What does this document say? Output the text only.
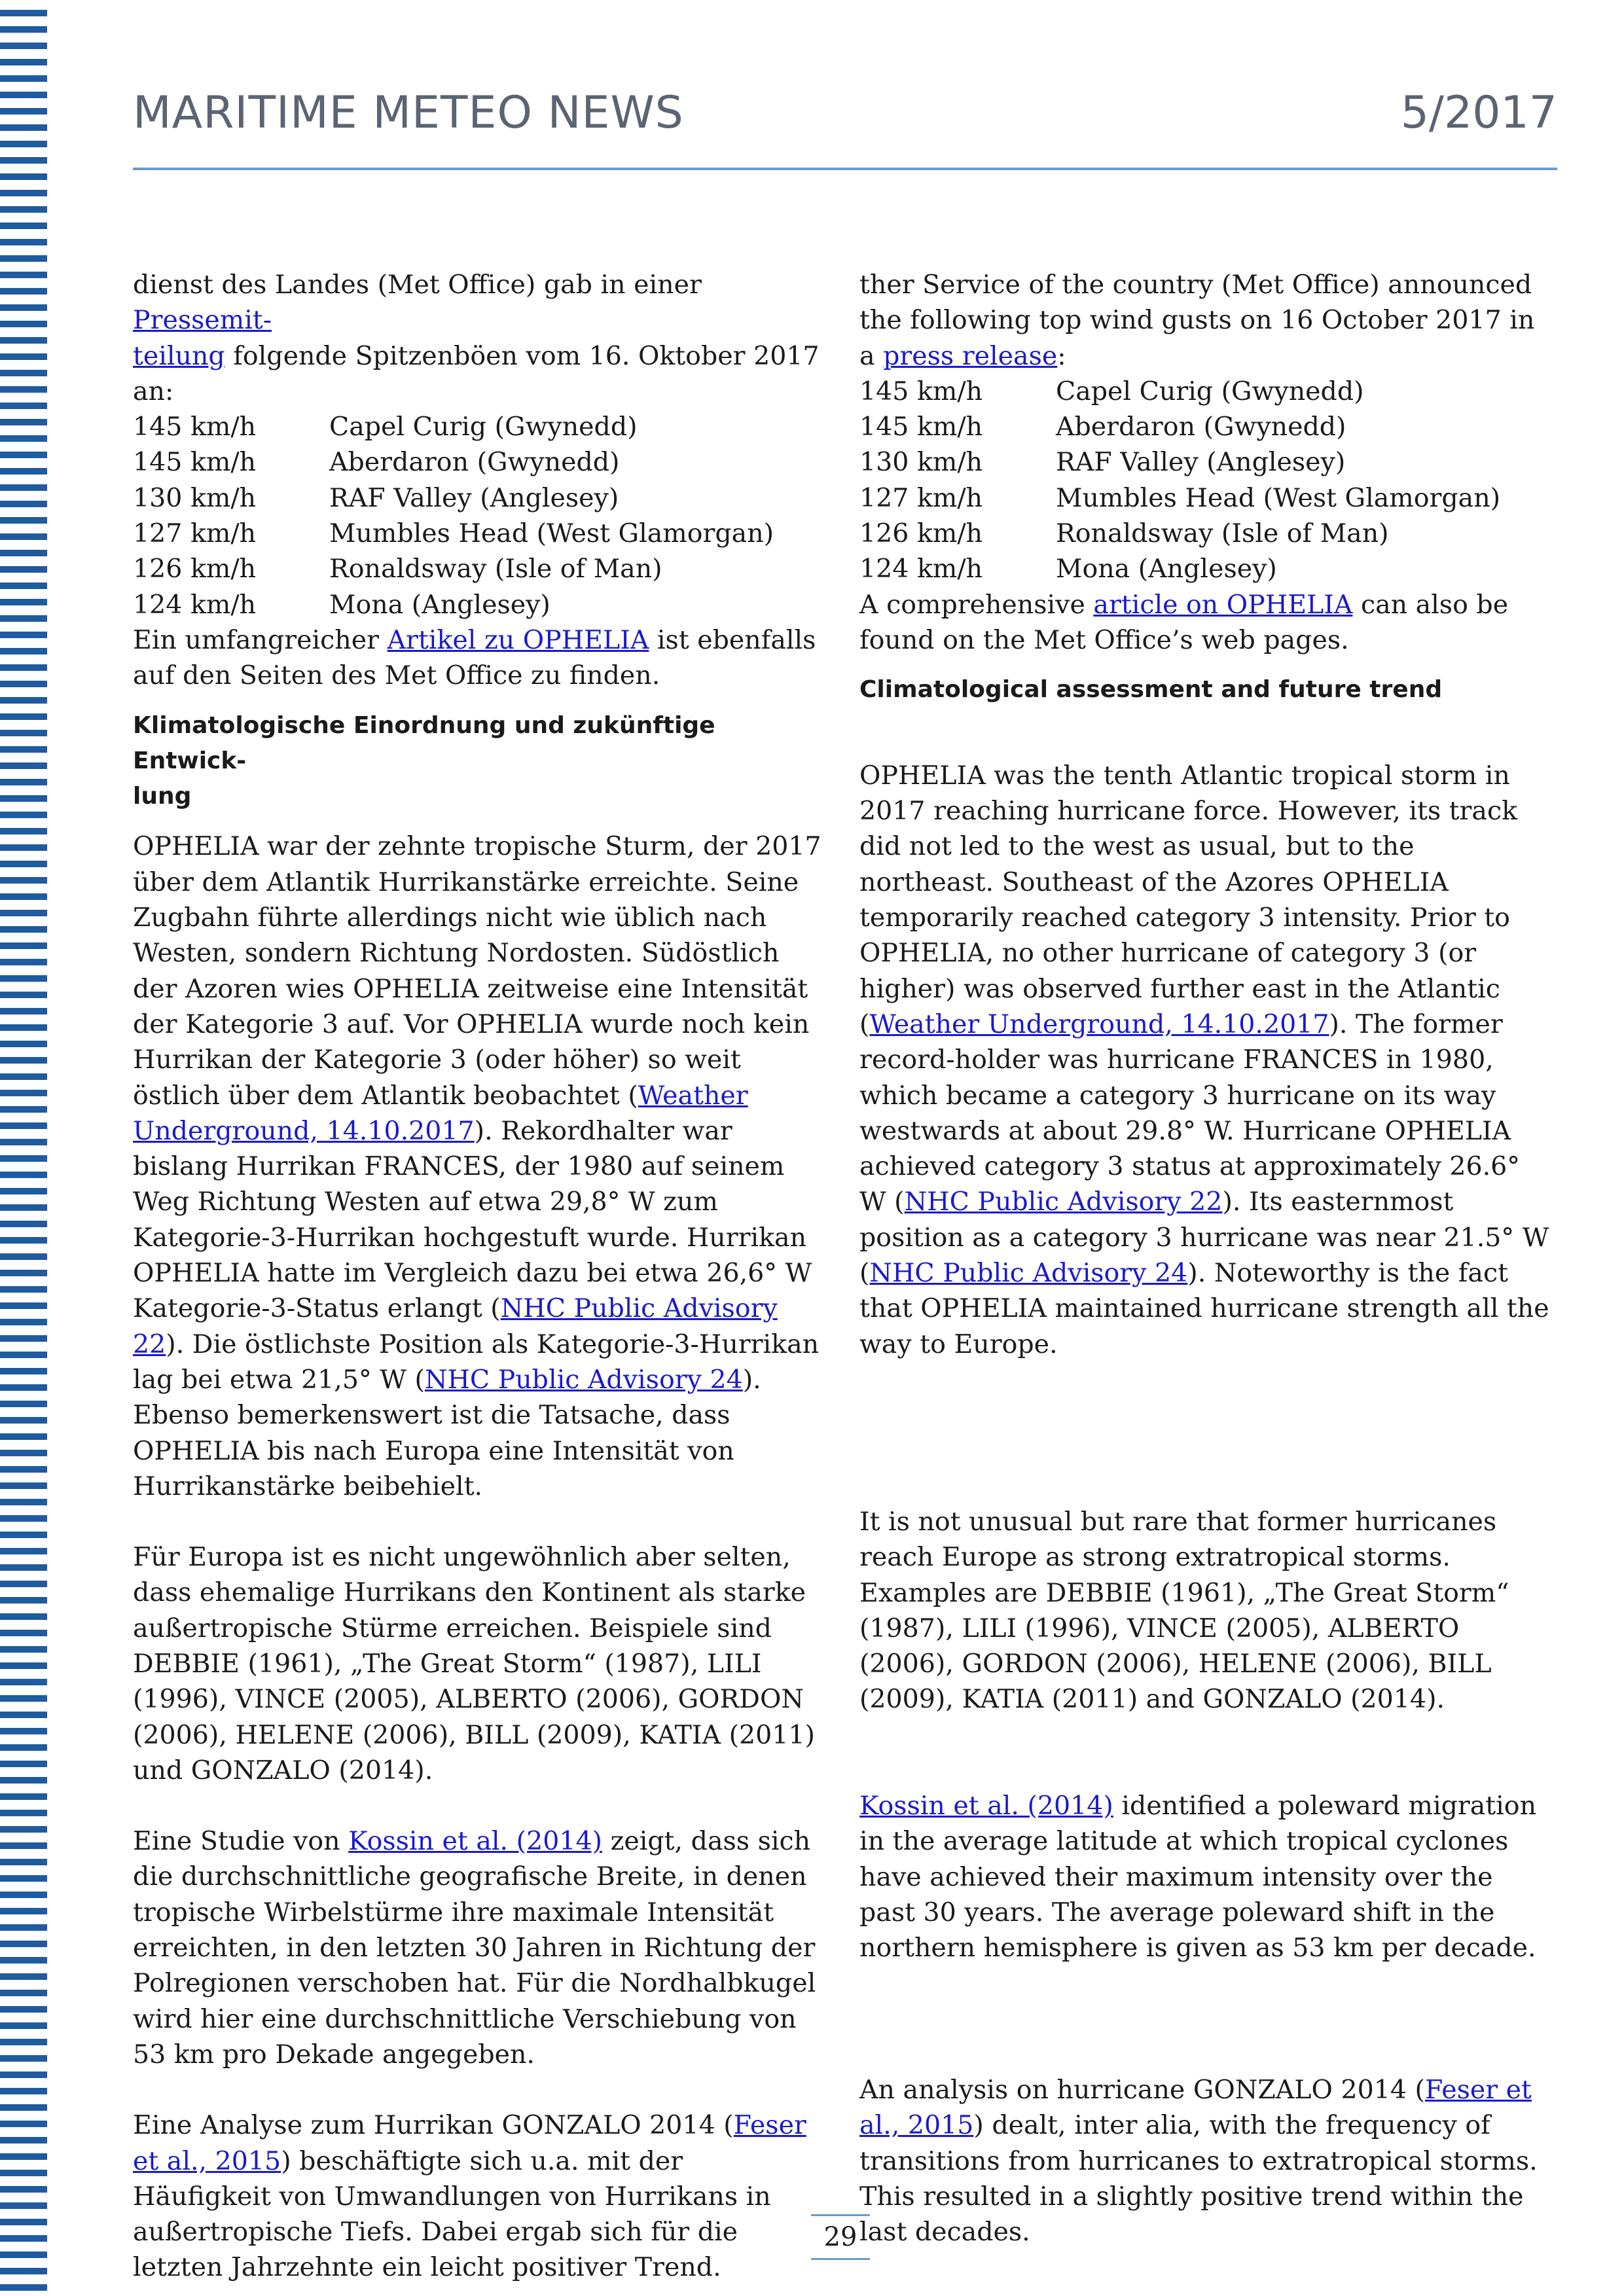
MARITIME METEO NEWS	5/2017

dienst des Landes (Met Office) gab in einer Pressemit-
teilung folgende Spitzenböen vom 16. Oktober 2017
an:

145 km/h	Capel Curig (Gwynedd)
145 km/h	Aberdaron (Gwynedd)
130 km/h	RAF Valley (Anglesey)
127 km/h	Mumbles Head (West Glamorgan)
126 km/h	Ronaldsway (Isle of Man)
124 km/h	Mona (Anglesey)

Ein umfangreicher Artikel zu OPHELIA ist ebenfalls
auf den Seiten des Met Office zu finden.

Klimatologische Einordnung und zukünftige Entwick-
lung

OPHELIA war der zehnte tropische Sturm, der 2017 über dem Atlantik Hurrikanstärke erreichte. Seine Zugbahn führte allerdings nicht wie üblich nach Westen, sondern Richtung Nordosten. Südöstlich der Azoren wies OPHELIA zeitweise eine Intensität der Kategorie 3 auf. Vor OPHELIA wurde noch kein Hurrikan der Kategorie 3 (oder höher) so weit östlich über dem Atlantik beobachtet (Weather Underground, 14.10.2017). Rekordhalter war bislang Hurrikan FRANCES, der 1980 auf seinem Weg Richtung Westen auf etwa 29,8° W zum Kategorie-3-Hurrikan hochgestuft wurde. Hurrikan OPHELIA hatte im Vergleich dazu bei etwa 26,6° W Kategorie-3-Status erlangt (NHC Public Advisory 22). Die östlichste Position als Kategorie-3-Hurrikan lag bei etwa 21,5° W (NHC Public Advisory 24). Ebenso bemerkenswert ist die Tatsache, dass OPHELIA bis nach Europa eine Intensität von Hurrikanstärke beibehielt.

Für Europa ist es nicht ungewöhnlich aber selten, dass ehemalige Hurrikans den Kontinent als starke außertropische Stürme erreichen. Beispiele sind DEBBIE (1961), „The Great Storm“ (1987), LILI (1996), VINCE (2005), ALBERTO (2006), GORDON (2006), HELENE (2006), BILL (2009), KATIA (2011) und GONZALO (2014).

Eine Studie von Kossin et al. (2014) zeigt, dass sich die durchschnittliche geografische Breite, in denen tropische Wirbelstürme ihre maximale Intensität erreichten, in den letzten 30 Jahren in Richtung der Polregionen verschoben hat. Für die Nordhalbkugel wird hier eine durchschnittliche Verschiebung von 53 km pro Dekade angegeben.

Eine Analyse zum Hurrikan GONZALO 2014 (Feser et al., 2015) beschäftigte sich u.a. mit der Häufigkeit von Umwandlungen von Hurrikans in außertropische Tiefs. Dabei ergab sich für die letzten Jahrzehnte ein leicht positiver Trend.

ther Service of the country (Met Office) announced the following top wind gusts on 16 October 2017 in a press release:

145 km/h	Capel Curig (Gwynedd)
145 km/h	Aberdaron (Gwynedd)
130 km/h	RAF Valley (Anglesey)
127 km/h	Mumbles Head (West Glamorgan)
126 km/h	Ronaldsway (Isle of Man)
124 km/h	Mona (Anglesey)

A comprehensive article on OPHELIA can also be found on the Met Office’s web pages.

Climatological assessment and future trend

OPHELIA was the tenth Atlantic tropical storm in 2017 reaching hurricane force. However, its track did not led to the west as usual, but to the northeast. Southeast of the Azores OPHELIA temporarily reached category 3 intensity. Prior to OPHELIA, no other hurricane of category 3 (or higher) was observed further east in the Atlantic (Weather Underground, 14.10.2017). The former record-holder was hurricane FRANCES in 1980, which became a category 3 hurricane on its way westwards at about 29.8° W. Hurricane OPHELIA achieved category 3 status at approximately 26.6° W (NHC Public Advisory 22). Its easternmost position as a category 3 hurricane was near 21.5° W (NHC Public Advisory 24). Noteworthy is the fact that OPHELIA maintained hurricane strength all the way to Europe.

It is not unusual but rare that former hurricanes reach Europe as strong extratropical storms. Examples are DEBBIE (1961), „The Great Storm“ (1987), LILI (1996), VINCE (2005), ALBERTO (2006), GORDON (2006), HELENE (2006), BILL (2009), KATIA (2011) and GONZALO (2014).

Kossin et al. (2014) identified a poleward migration in the average latitude at which tropical cyclones have achieved their maximum intensity over the past 30 years. The average poleward shift in the northern hemisphere is given as 53 km per decade.

An analysis on hurricane GONZALO 2014 (Feser et al., 2015) dealt, inter alia, with the frequency of transitions from hurricanes to extratropical storms. This resulted in a slightly positive trend within the last decades.

29
